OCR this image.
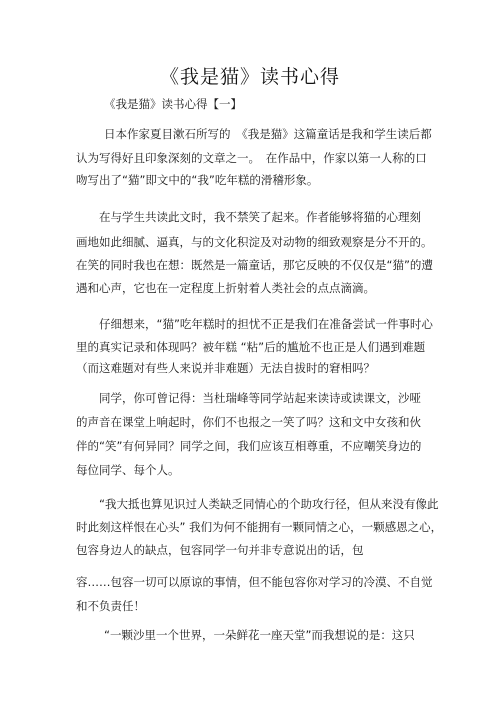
《我是猫》读书心得
《我是猫》读书心得【一】
日本作家夏目漱石所写的　《我是猫》这篇童话是我和学生读后都
认为写得好且印象深刻的文章之一。　在作品中，作家以第一人称的口
吻写出了“猫”即文中的“我”吃年糕的滑稽形象。
在与学生共读此文时，我不禁笑了起来。作者能够将猫的心理刻
画地如此细腻、逼真，与的文化积淀及对动物的细致观察是分不开的。
在笑的同时我也在想：既然是一篇童话，那它反映的不仅仅是“猫”的遭
遇和心声，它也在一定程度上折射着人类社会的点点滴滴。
仔细想来，“猫”吃年糕时的担忧不正是我们在准备尝试一件事时心
里的真实记录和体现吗？被年糕 “粘”后的尴尬不也正是人们遇到难题
（而这难题对有些人来说并非难题）无法自拔时的窘相吗？
同学，你可曾记得：当杜瑞峰等同学站起来读诗或读课文，沙哑
的声音在课堂上响起时，你们不也报之一笑了吗？这和文中女孩和伙
伴的“笑”有何异同？同学之间，我们应该互相尊重，不应嘲笑身边的
每位同学、每个人。
“我大抵也算见识过人类缺乏同情心的个助攻行径，但从来没有像此
时此刻这样恨在心头” 我们为何不能拥有一颗同情之心，一颗感恩之心，
包容身边人的缺点，包容同学一句并非专意说出的话，包
容……包容一切可以原谅的事情，但不能包容你对学习的冷漠、不自觉
和不负责任！
“一颗沙里一个世界，一朵鲜花一座天堂”而我想说的是：这只
